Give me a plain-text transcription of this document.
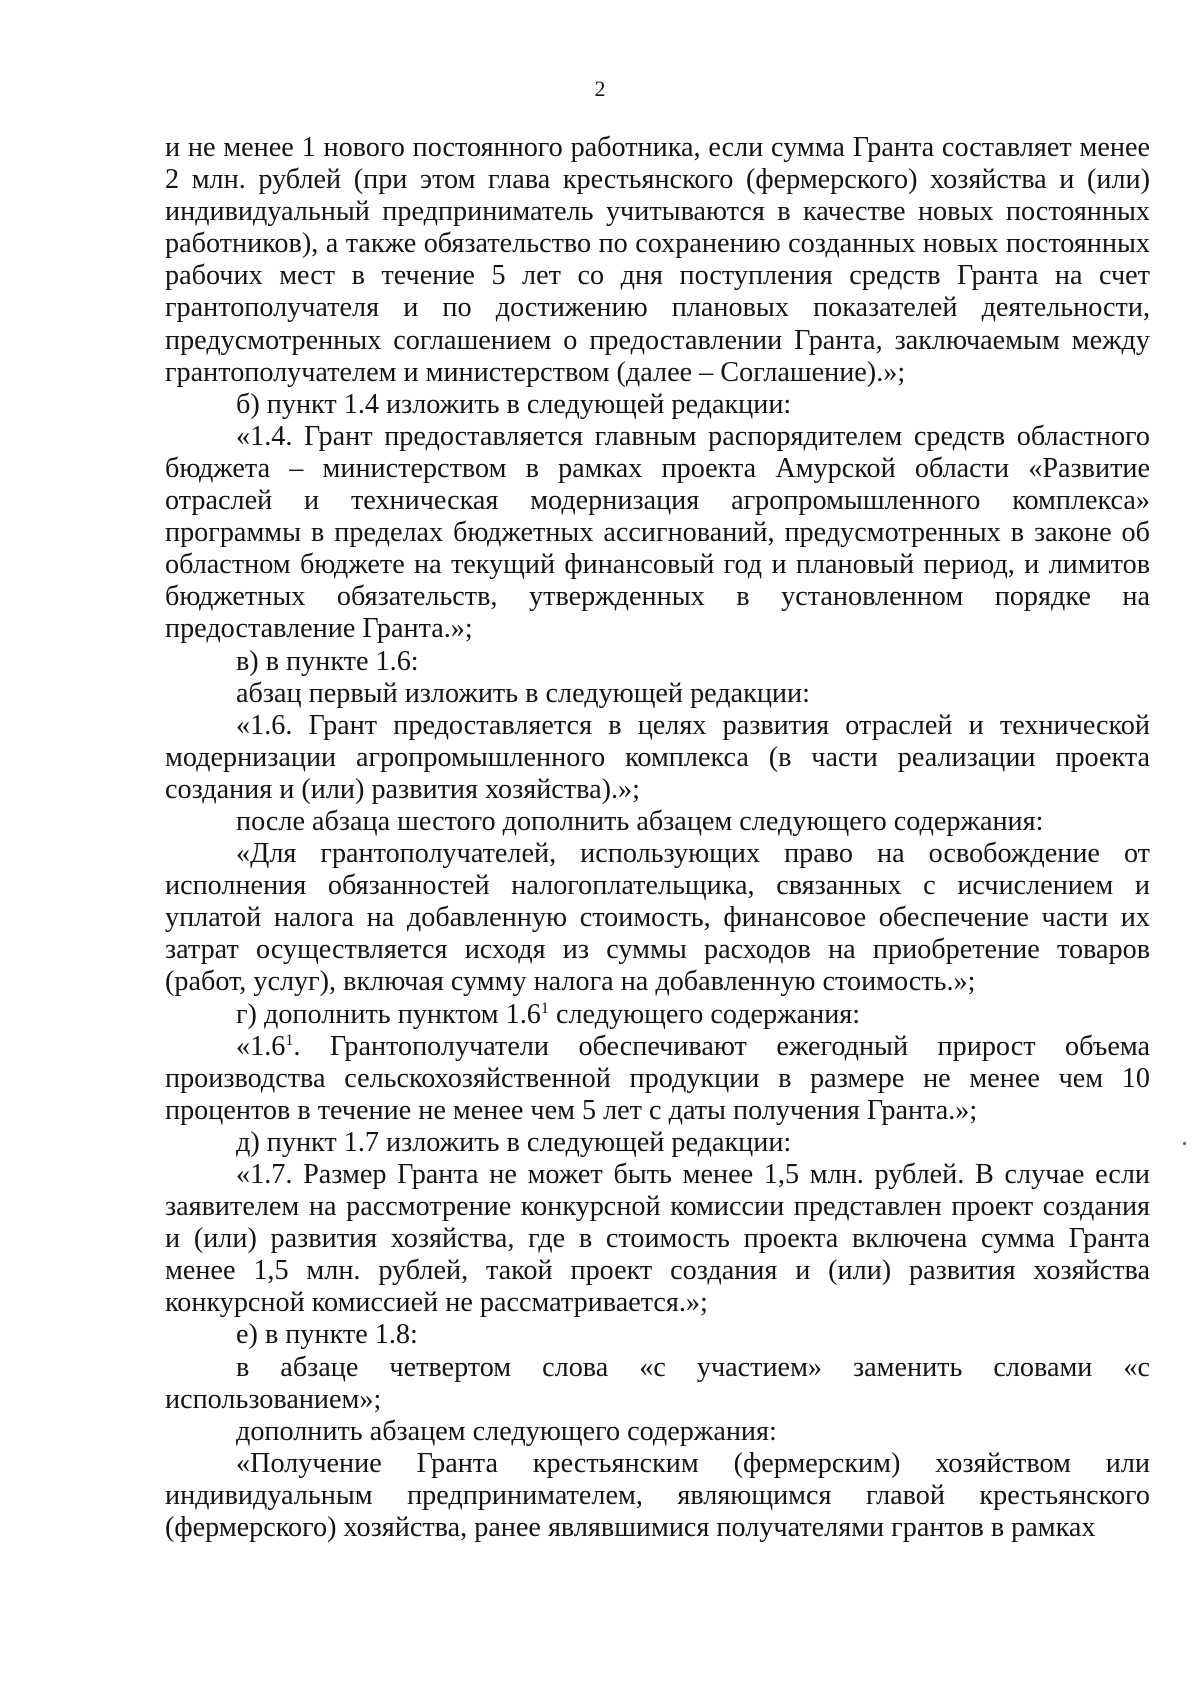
2

и не менее 1 нового постоянного работника, если сумма Гранта составляет менее 2 млн. рублей (при этом глава крестьянского (фермерского) хозяйства и (или) индивидуальный предприниматель учитываются в качестве новых постоянных работников), а также обязательство по сохранению созданных новых постоянных рабочих мест в течение 5 лет со дня поступления средств Гранта на счет грантополучателя и по достижению плановых показателей деятельности, предусмотренных соглашением о предоставлении Гранта, заключаемым между грантополучателем и министерством (далее – Соглашение).»;

б) пункт 1.4 изложить в следующей редакции:

«1.4. Грант предоставляется главным распорядителем средств областного бюджета – министерством в рамках проекта Амурской области «Развитие отраслей и техническая модернизация агропромышленного комплекса» программы в пределах бюджетных ассигнований, предусмотренных в законе об областном бюджете на текущий финансовый год и плановый период, и лимитов бюджетных обязательств, утвержденных в установленном порядке на предоставление Гранта.»;

в) в пункте 1.6:

абзац первый изложить в следующей редакции:

«1.6. Грант предоставляется в целях развития отраслей и технической модернизации агропромышленного комплекса (в части реализации проекта создания и (или) развития хозяйства).»;

после абзаца шестого дополнить абзацем следующего содержания:

«Для грантополучателей, использующих право на освобождение от исполнения обязанностей налогоплательщика, связанных с исчислением и уплатой налога на добавленную стоимость, финансовое обеспечение части их затрат осуществляется исходя из суммы расходов на приобретение товаров (работ, услуг), включая сумму налога на добавленную стоимость.»;

г) дополнить пунктом $1.6^1$ следующего содержания:

«$1.6^1$. Грантополучатели обеспечивают ежегодный прирост объема производства сельскохозяйственной продукции в размере не менее чем 10 процентов в течение не менее чем 5 лет с даты получения Гранта.»;

д) пункт 1.7 изложить в следующей редакции:

«1.7. Размер Гранта не может быть менее 1,5 млн. рублей. В случае если заявителем на рассмотрение конкурсной комиссии представлен проект создания и (или) развития хозяйства, где в стоимость проекта включена сумма Гранта менее 1,5 млн. рублей, такой проект создания и (или) развития хозяйства конкурсной комиссией не рассматривается.»;

е) в пункте 1.8:

в абзаце четвертом слова «с участием» заменить словами «с использованием»;

дополнить абзацем следующего содержания:

«Получение Гранта крестьянским (фермерским) хозяйством или индивидуальным предпринимателем, являющимся главой крестьянского (фермерского) хозяйства, ранее являвшимися получателями грантов в рамках
